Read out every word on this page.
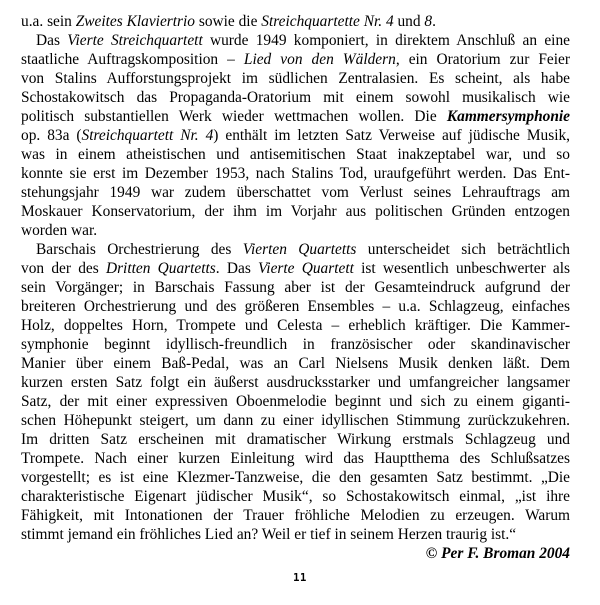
u.a. sein Zweites Klaviertrio sowie die Streichquartette Nr. 4 und 8.
Das Vierte Streichquartett wurde 1949 komponiert, in direktem Anschluß an eine
staatliche Auftragskomposition – Lied von den Wäldern, ein Oratorium zur Feier
von Stalins Aufforstungsprojekt im südlichen Zentralasien. Es scheint, als habe
Schostakowitsch das Propaganda-Oratorium mit einem sowohl musikalisch wie
politisch substantiellen Werk wieder wettmachen wollen. Die Kammersymphonie
op. 83a (Streichquartett Nr. 4) enthält im letzten Satz Verweise auf jüdische Musik,
was in einem atheistischen und antisemitischen Staat inakzeptabel war, und so
konnte sie erst im Dezember 1953, nach Stalins Tod, uraufgeführt werden. Das Ent-
stehungsjahr 1949 war zudem überschattet vom Verlust seines Lehrauftrags am
Moskauer Konservatorium, der ihm im Vorjahr aus politischen Gründen entzogen
worden war.
Barschais Orchestrierung des Vierten Quartetts unterscheidet sich beträchtlich
von der des Dritten Quartetts. Das Vierte Quartett ist wesentlich unbeschwerter als
sein Vorgänger; in Barschais Fassung aber ist der Gesamteindruck aufgrund der
breiteren Orchestrierung und des größeren Ensembles – u.a. Schlagzeug, einfaches
Holz, doppeltes Horn, Trompete und Celesta – erheblich kräftiger. Die Kammer-
symphonie beginnt idyllisch-freundlich in französischer oder skandinavischer
Manier über einem Baß-Pedal, was an Carl Nielsens Musik denken läßt. Dem
kurzen ersten Satz folgt ein äußerst ausdrucksstarker und umfangreicher langsamer
Satz, der mit einer expressiven Oboenmelodie beginnt und sich zu einem giganti-
schen Höhepunkt steigert, um dann zu einer idyllischen Stimmung zurückzukehren.
Im dritten Satz erscheinen mit dramatischer Wirkung erstmals Schlagzeug und
Trompete. Nach einer kurzen Einleitung wird das Hauptthema des Schlußsatzes
vorgestellt; es ist eine Klezmer-Tanzweise, die den gesamten Satz bestimmt. „Die
charakteristische Eigenart jüdischer Musik“, so Schostakowitsch einmal, „ist ihre
Fähigkeit, mit Intonationen der Trauer fröhliche Melodien zu erzeugen. Warum
stimmt jemand ein fröhliches Lied an? Weil er tief in seinem Herzen traurig ist.“
© Per F. Broman 2004
11
